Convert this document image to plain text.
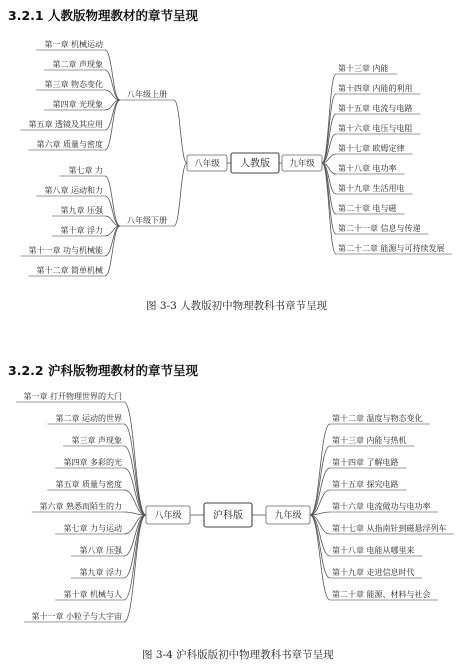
3.2.1 人教版物理教材的章节呈现
第一章 机械运动
第二章 声现象
第三章 物态变化
第四章 光现象
第五章 透镜及其应用
第六章 质量与密度
第七章 力
第八章 运动和力
第九章 压强
第十章 浮力
第十一章 功与机械能
第十二章 简单机械
第十三章 内能
第十四章 内能的利用
第十五章 电流与电路
第十六章 电压与电阻
第十七章 欧姆定律
第十八章 电功率
第十九章 生活用电
第二十章 电与磁
第二十一章 信息与传递
第二十二章 能源与可持续发展
八年级上册
八年级下册
八年级	九年级
人教版
图 3-3 人教版初中物理教科书章节呈现
3.2.2 沪科版物理教材的章节呈现
第一章 打开物理世界的大门
第二章 运动的世界
第三章 声现象
第四章 多彩的光
第五章 质量与密度
第六章 熟悉而陌生的力
第七章 力与运动
第八章 压强
第九章 浮力
第十章 机械与人
第十一章 小粒子与大宇宙
第十二章 温度与物态变化
第十三章 内能与热机
第十四章 了解电路
第十五章 探究电路
第十六章 电流做功与电功率
第十七章 从指南针到磁悬浮列车
第十八章 电能从哪里来
第十九章 走进信息时代
第二十章 能源、材料与社会
八年级	九年级
沪科版
图 3-4 沪科版版初中物理教科书章节呈现
